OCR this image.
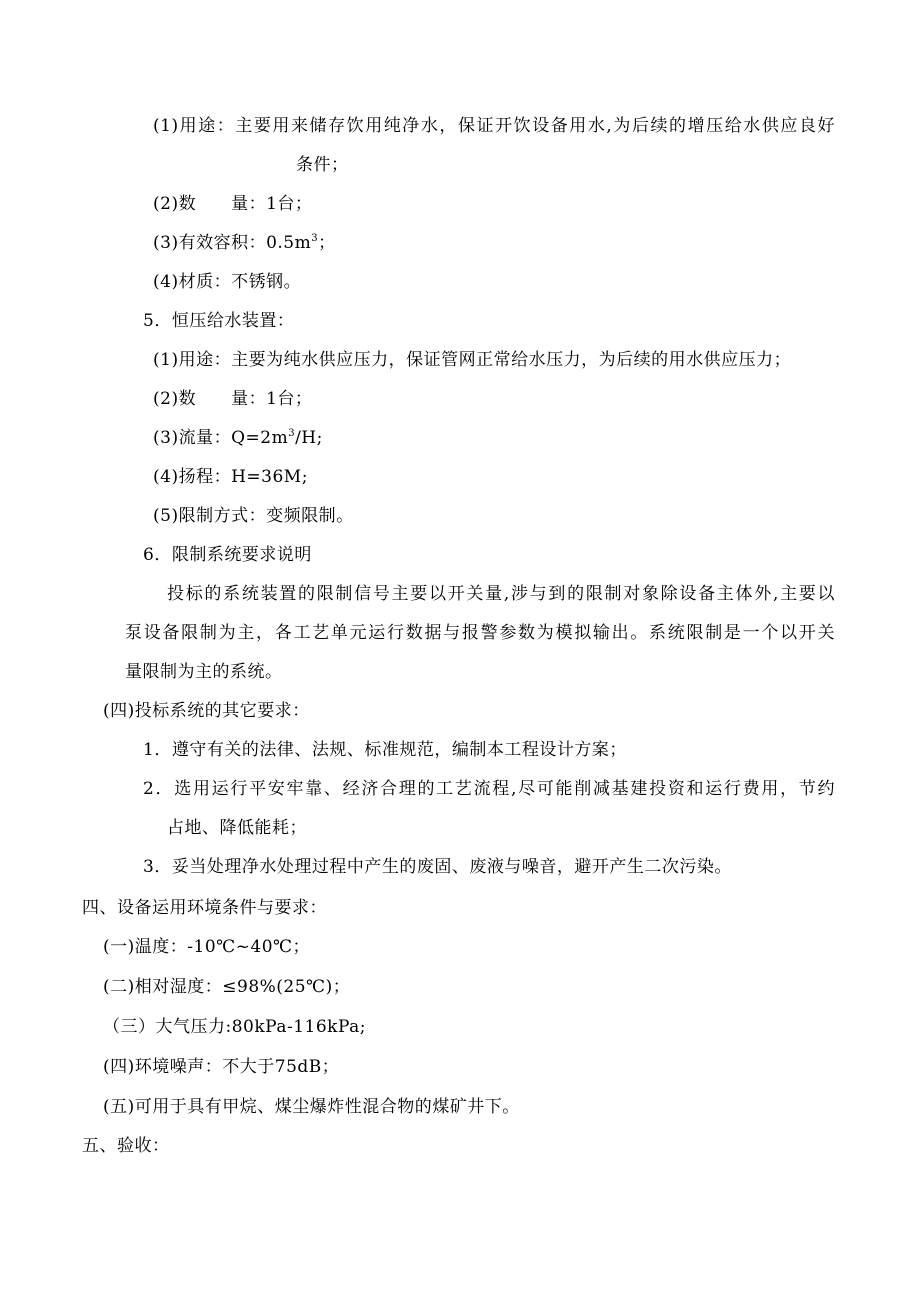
(1)用途：主要用来储存饮用纯净水，保证开饮设备用水,为后续的增压给水供应良好
条件；
(2)数　　量：1台；
(3)有效容积：$0.5m^3$；
(4)材质：不锈钢。
5．恒压给水装置：
(1)用途：主要为纯水供应压力，保证管网正常给水压力，为后续的用水供应压力；
(2)数　　量：1台；
(3)流量：$Q=2m^3/H$;
(4)扬程：H=36M;
(5)限制方式：变频限制。
6．限制系统要求说明
投标的系统装置的限制信号主要以开关量,涉与到的限制对象除设备主体外,主要以
泵设备限制为主，各工艺单元运行数据与报警参数为模拟输出。系统限制是一个以开关
量限制为主的系统。
(四)投标系统的其它要求：
1．遵守有关的法律、法规、标准规范，编制本工程设计方案；
2．选用运行平安牢靠、经济合理的工艺流程,尽可能削减基建投资和运行费用，节约
占地、降低能耗；
3．妥当处理净水处理过程中产生的废固、废液与噪音，避开产生二次污染。
四、设备运用环境条件与要求：
(一)温度：-10℃~40℃；
(二)相对湿度：≤98%(25℃)；
（三）大气压力:80kPa-116kPa;
(四)环境噪声：不大于75dB；
(五)可用于具有甲烷、煤尘爆炸性混合物的煤矿井下。
五、验收：
